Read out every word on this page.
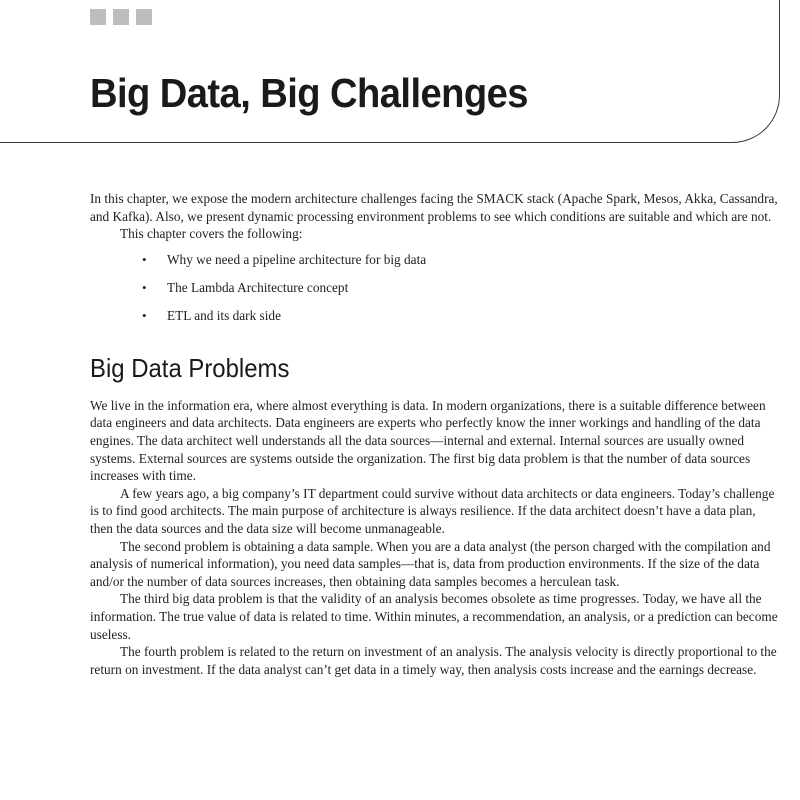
Big Data, Big Challenges

In this chapter, we expose the modern architecture challenges facing the SMACK stack (Apache Spark, Mesos, Akka, Cassandra, and Kafka). Also, we present dynamic processing environment problems to see which conditions are suitable and which are not.

This chapter covers the following:

• Why we need a pipeline architecture for big data
• The Lambda Architecture concept
• ETL and its dark side
Big Data Problems

We live in the information era, where almost everything is data. In modern organizations, there is a suitable difference between data engineers and data architects. Data engineers are experts who perfectly know the inner workings and handling of the data engines. The data architect well understands all the data sources—internal and external. Internal sources are usually owned systems. External sources are systems outside the organization. The first big data problem is that the number of data sources increases with time.

A few years ago, a big company’s IT department could survive without data architects or data engineers. Today’s challenge is to find good architects. The main purpose of architecture is always resilience. If the data architect doesn’t have a data plan, then the data sources and the data size will become unmanageable.

The second problem is obtaining a data sample. When you are a data analyst (the person charged with the compilation and analysis of numerical information), you need data samples—that is, data from production environments. If the size of the data and/or the number of data sources increases, then obtaining data samples becomes a herculean task.

The third big data problem is that the validity of an analysis becomes obsolete as time progresses. Today, we have all the information. The true value of data is related to time. Within minutes, a recommendation, an analysis, or a prediction can become useless.

The fourth problem is related to the return on investment of an analysis. The analysis velocity is directly proportional to the return on investment. If the data analyst can’t get data in a timely way, then analysis costs increase and the earnings decrease.
